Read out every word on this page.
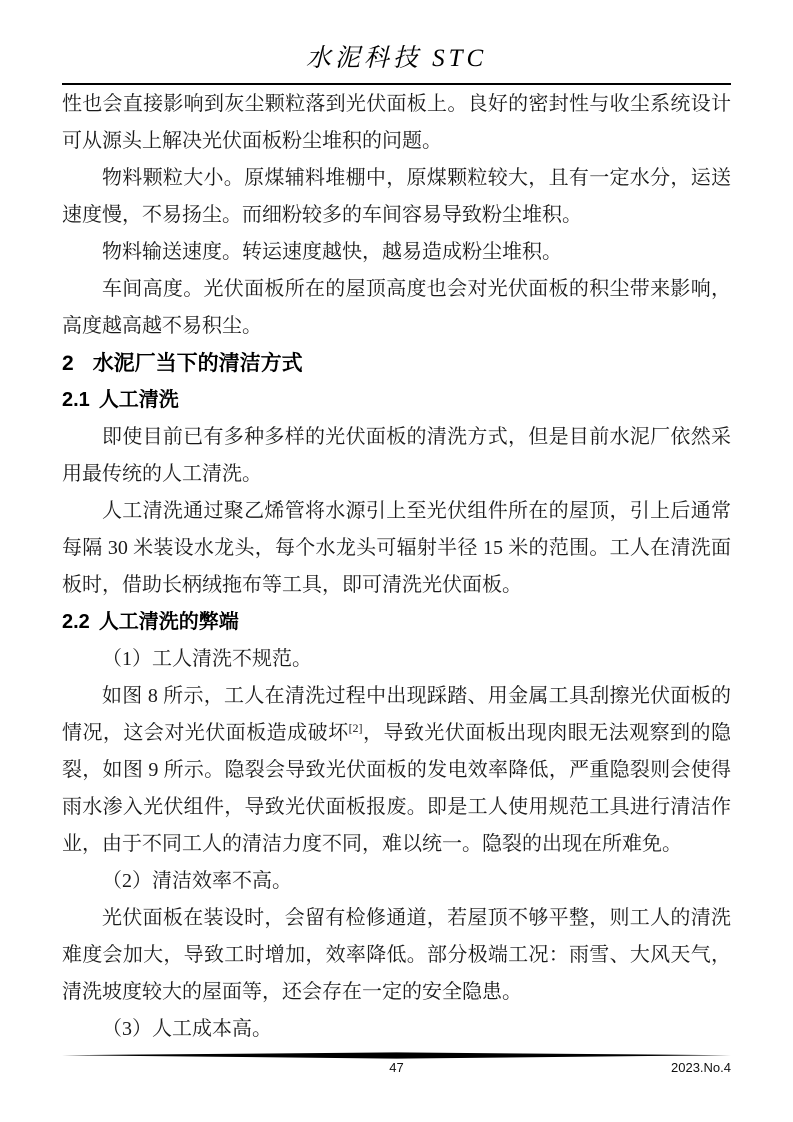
水泥科技 STC

性也会直接影响到灰尘颗粒落到光伏面板上。良好的密封性与收尘系统设计可从源头上解决光伏面板粉尘堆积的问题。

物料颗粒大小。原煤辅料堆棚中，原煤颗粒较大，且有一定水分，运送速度慢，不易扬尘。而细粉较多的车间容易导致粉尘堆积。

物料输送速度。转运速度越快，越易造成粉尘堆积。

车间高度。光伏面板所在的屋顶高度也会对光伏面板的积尘带来影响，高度越高越不易积尘。

2 水泥厂当下的清洁方式
2.1 人工清洗

即使目前已有多种多样的光伏面板的清洗方式，但是目前水泥厂依然采用最传统的人工清洗。

人工清洗通过聚乙烯管将水源引上至光伏组件所在的屋顶，引上后通常每隔 30 米装设水龙头，每个水龙头可辐射半径 15 米的范围。工人在清洗面板时，借助长柄绒拖布等工具，即可清洗光伏面板。

2.2 人工清洗的弊端

（1）工人清洗不规范。

如图 8 所示，工人在清洗过程中出现踩踏、用金属工具刮擦光伏面板的情况，这会对光伏面板造成破坏[2]，导致光伏面板出现肉眼无法观察到的隐裂，如图 9 所示。隐裂会导致光伏面板的发电效率降低，严重隐裂则会使得雨水渗入光伏组件，导致光伏面板报废。即是工人使用规范工具进行清洁作业，由于不同工人的清洁力度不同，难以统一。隐裂的出现在所难免。

（2）清洁效率不高。

光伏面板在装设时，会留有检修通道，若屋顶不够平整，则工人的清洗难度会加大，导致工时增加，效率降低。部分极端工况：雨雪、大风天气，清洗坡度较大的屋面等，还会存在一定的安全隐患。

（3）人工成本高。

47	2023.No.4
